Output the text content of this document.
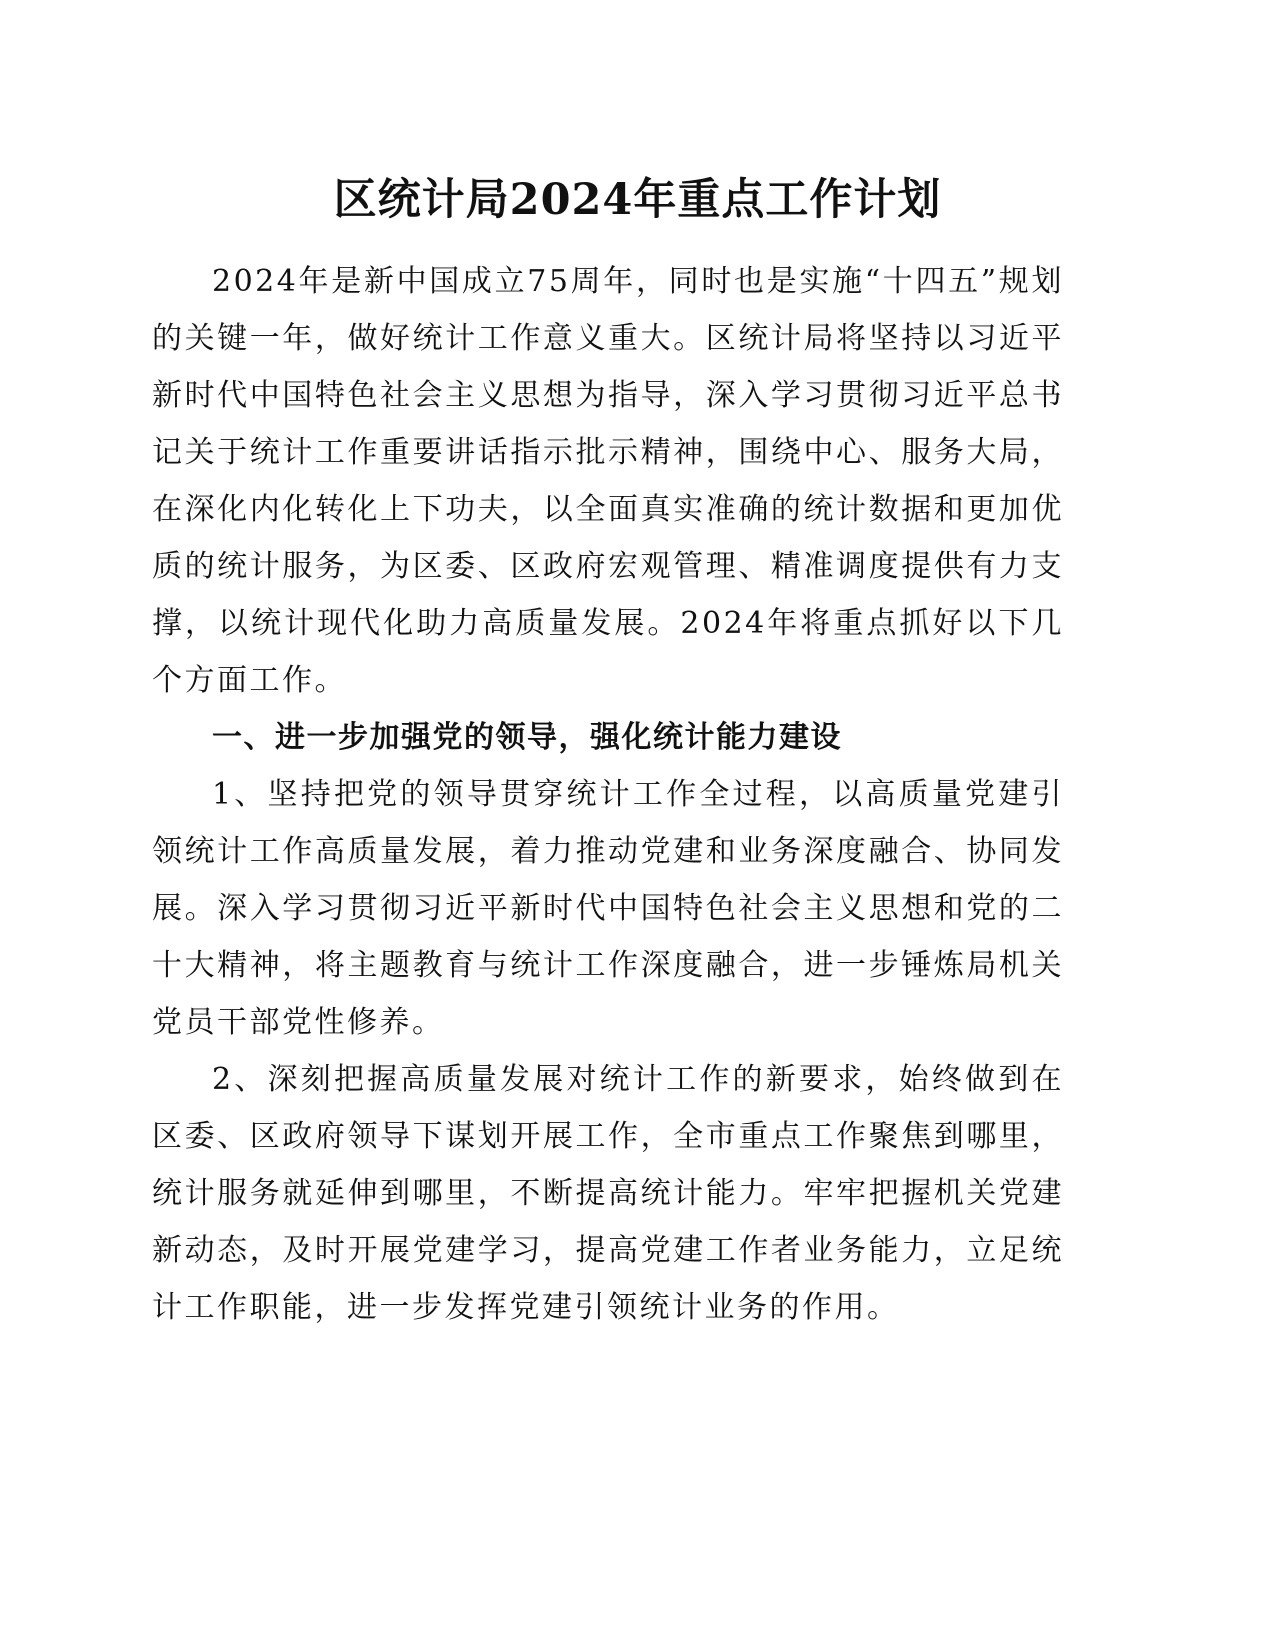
区统计局2024年重点工作计划

2024年是新中国成立75周年，同时也是实施“十四五”规划的关键一年，做好统计工作意义重大。区统计局将坚持以习近平新时代中国特色社会主义思想为指导，深入学习贯彻习近平总书记关于统计工作重要讲话指示批示精神，围绕中心、服务大局，在深化内化转化上下功夫，以全面真实准确的统计数据和更加优质的统计服务，为区委、区政府宏观管理、精准调度提供有力支撑，以统计现代化助力高质量发展。2024年将重点抓好以下几个方面工作。

一、进一步加强党的领导，强化统计能力建设

1、坚持把党的领导贯穿统计工作全过程，以高质量党建引领统计工作高质量发展，着力推动党建和业务深度融合、协同发展。深入学习贯彻习近平新时代中国特色社会主义思想和党的二十大精神，将主题教育与统计工作深度融合，进一步锤炼局机关党员干部党性修养。

2、深刻把握高质量发展对统计工作的新要求，始终做到在区委、区政府领导下谋划开展工作，全市重点工作聚焦到哪里，统计服务就延伸到哪里，不断提高统计能力。牢牢把握机关党建新动态，及时开展党建学习，提高党建工作者业务能力，立足统计工作职能，进一步发挥党建引领统计业务的作用。
